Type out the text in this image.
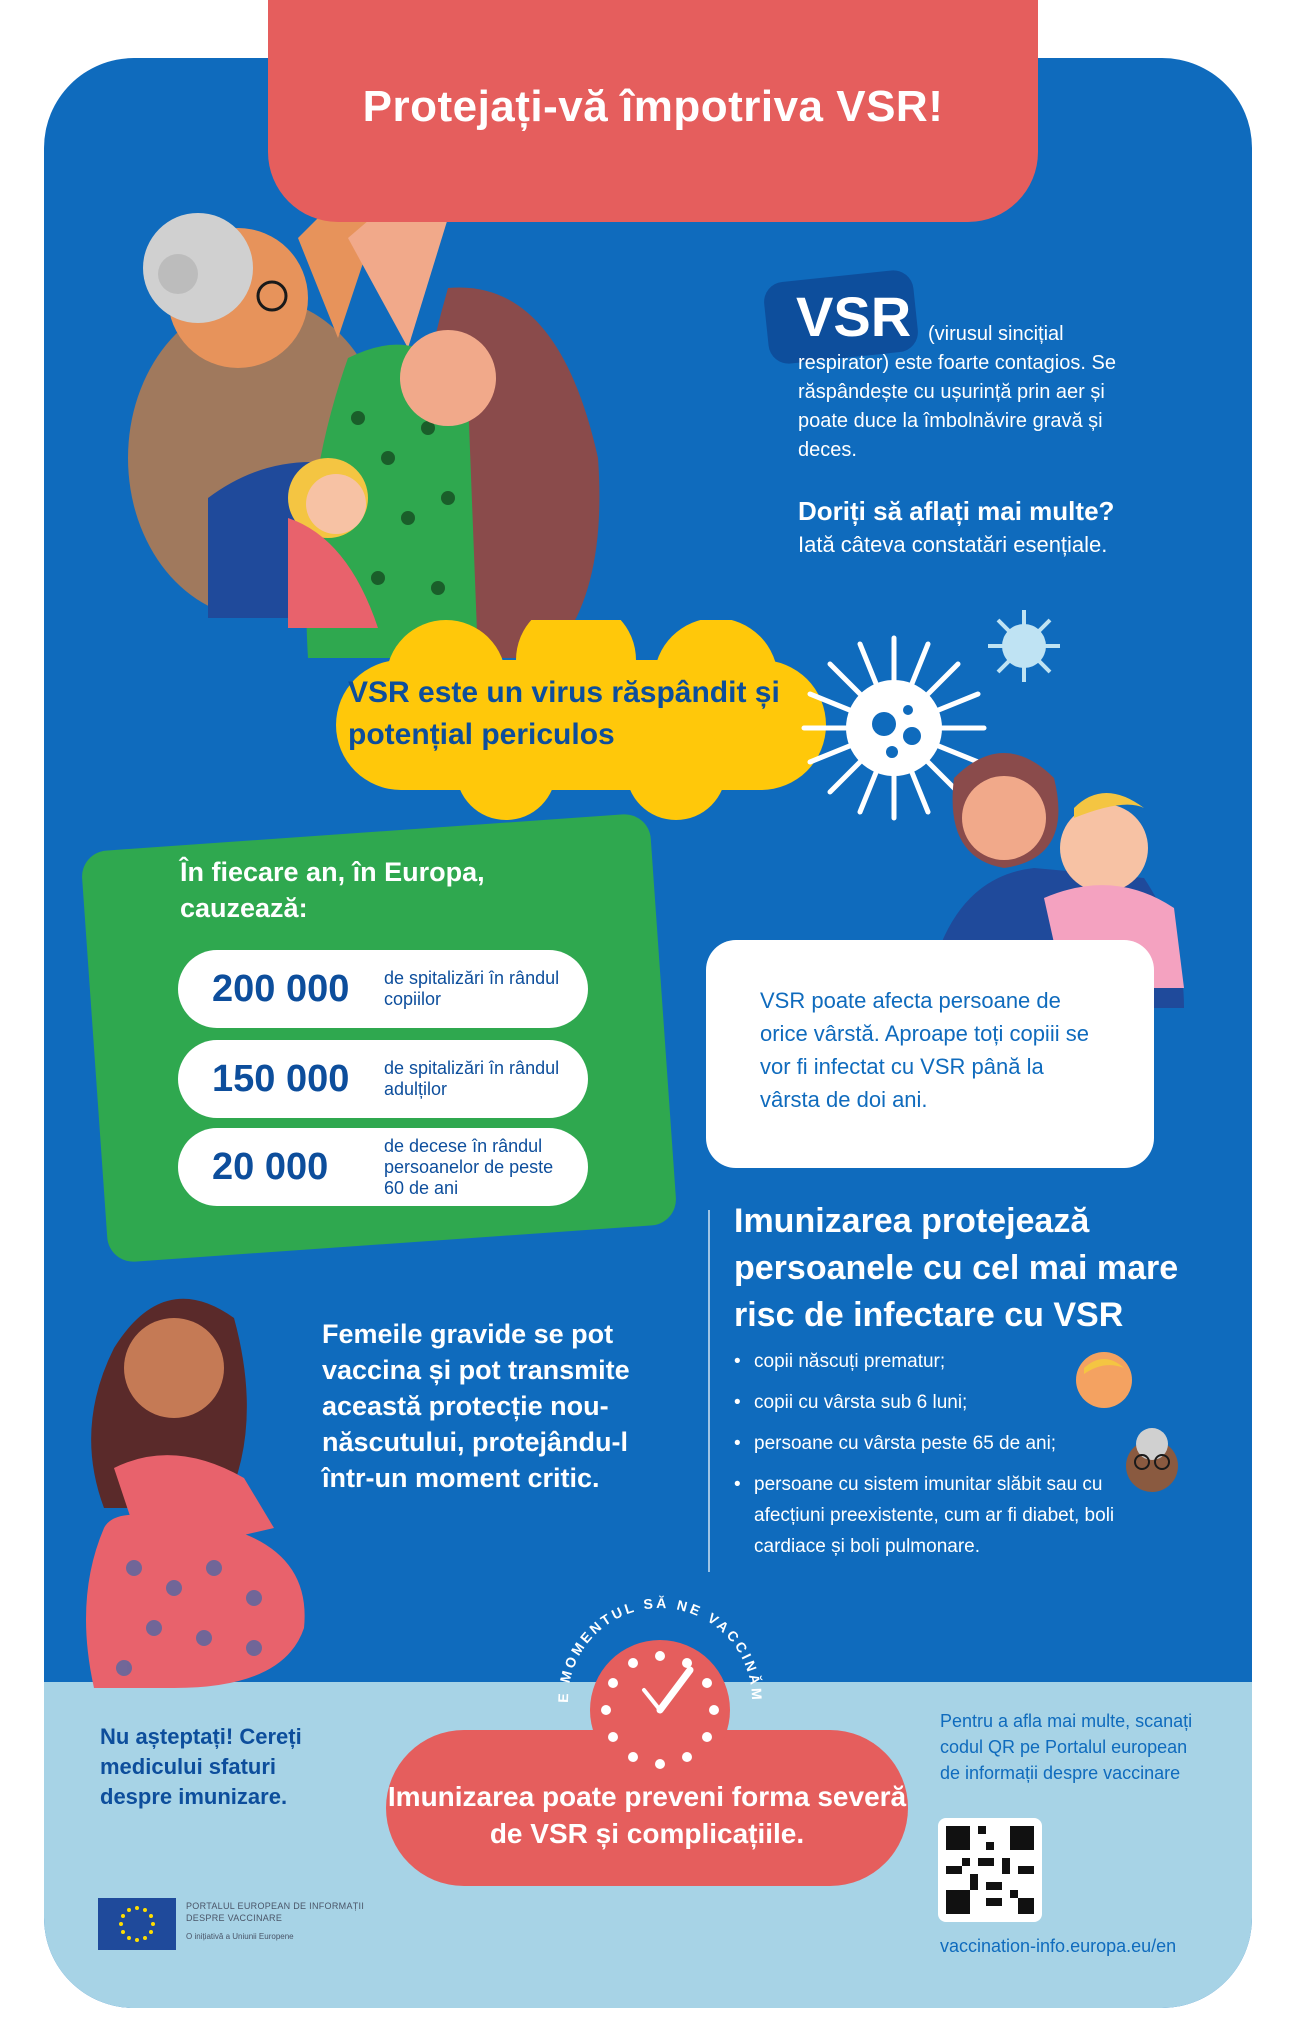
Protejați-vă împotriva VSR!
VSR (virusul sincițial respirator) este foarte contagios. Se răspândește cu ușurință prin aer și poate duce la îmbolnăvire gravă și deces.
Doriți să aflați mai multe?
Iată câteva constatări esențiale.
VSR este un virus răspândit și potențial periculos
În fiecare an, în Europa, cauzează:
200 000	de spitalizări în rândul copiilor
150 000	de spitalizări în rândul adulților
20 000	de decese în rândul persoanelor de peste 60 de ani
VSR poate afecta persoane de orice vârstă. Aproape toți copiii se vor fi infectat cu VSR până la vârsta de doi ani.
Imunizarea protejează persoanele cu cel mai mare risc de infectare cu VSR
• copii născuți prematur;
• copii cu vârsta sub 6 luni;
• persoane cu vârsta peste 65 de ani;
• persoane cu sistem imunitar slăbit sau cu afecțiuni preexistente, cum ar fi diabet, boli cardiace și boli pulmonare.
Femeile gravide se pot vaccina și pot transmite această protecție nou-născutului, protejându-l într-un moment critic.
Nu așteptați! Cereți medicului sfaturi despre imunizare.	Imunizarea poate preveni forma severă de VSR și complicațiile.
E MOMENTUL SĂ NE VACCINĂM
Pentru a afla mai multe, scanați codul QR pe Portalul european de informații despre vaccinare
vaccination-info.europa.eu/en
PORTALUL EUROPEAN DE INFORMAȚII DESPRE VACCINARE
O inițiativă a Uniunii Europene
